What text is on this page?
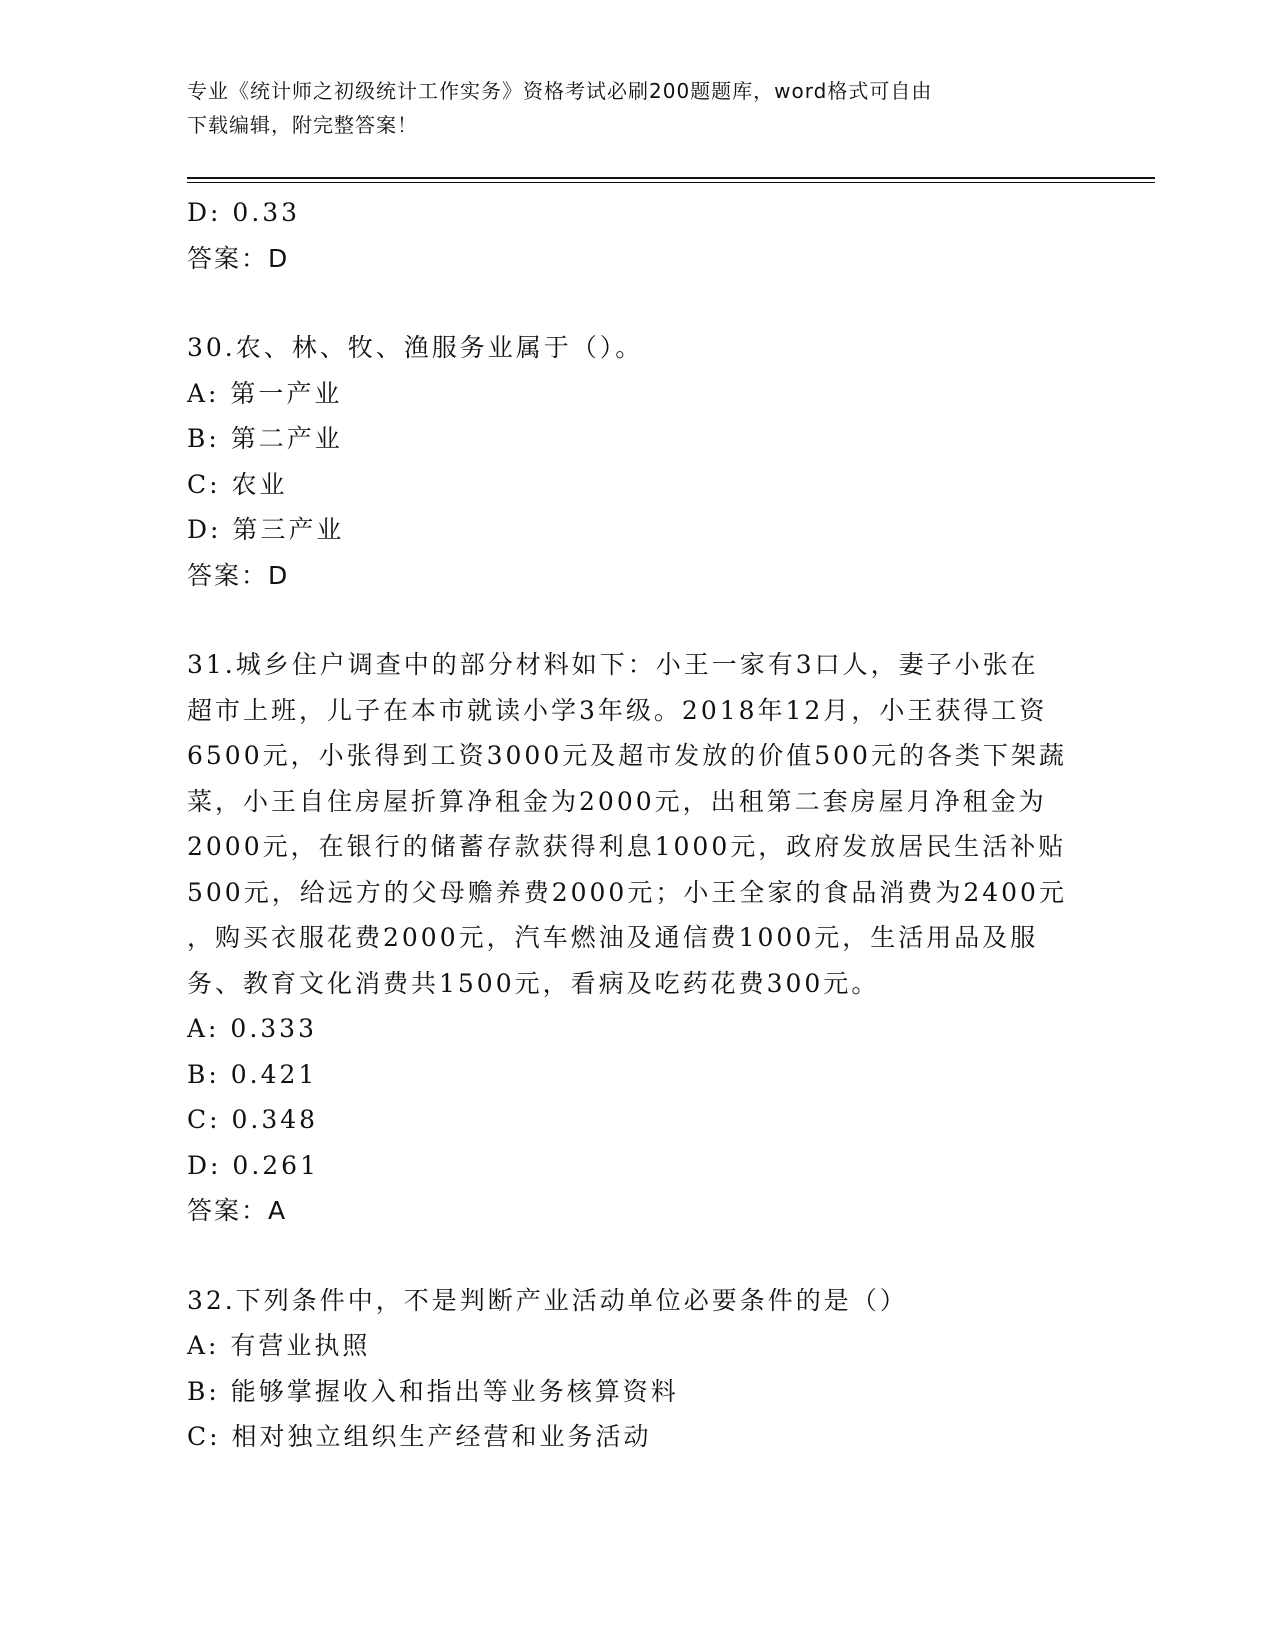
专业《统计师之初级统计工作实务》资格考试必刷200题题库，word格式可自由
下载编辑，附完整答案！
D: 0.33
答案：D
30.农、林、牧、渔服务业属于（）。
A: 第一产业
B: 第二产业
C: 农业
D: 第三产业
答案：D
31.城乡住户调查中的部分材料如下：小王一家有3口人，妻子小张在
超市上班，儿子在本市就读小学3年级。2018年12月，小王获得工资
6500元，小张得到工资3000元及超市发放的价值500元的各类下架蔬
菜，小王自住房屋折算净租金为2000元，出租第二套房屋月净租金为
2000元，在银行的储蓄存款获得利息1000元，政府发放居民生活补贴
500元，给远方的父母赡养费2000元；小王全家的食品消费为2400元
，购买衣服花费2000元，汽车燃油及通信费1000元，生活用品及服
务、教育文化消费共1500元，看病及吃药花费300元。
A: 0.333
B: 0.421
C: 0.348
D: 0.261
答案：A
32.下列条件中，不是判断产业活动单位必要条件的是（）
A: 有营业执照
B: 能够掌握收入和指出等业务核算资料
C: 相对独立组织生产经营和业务活动
